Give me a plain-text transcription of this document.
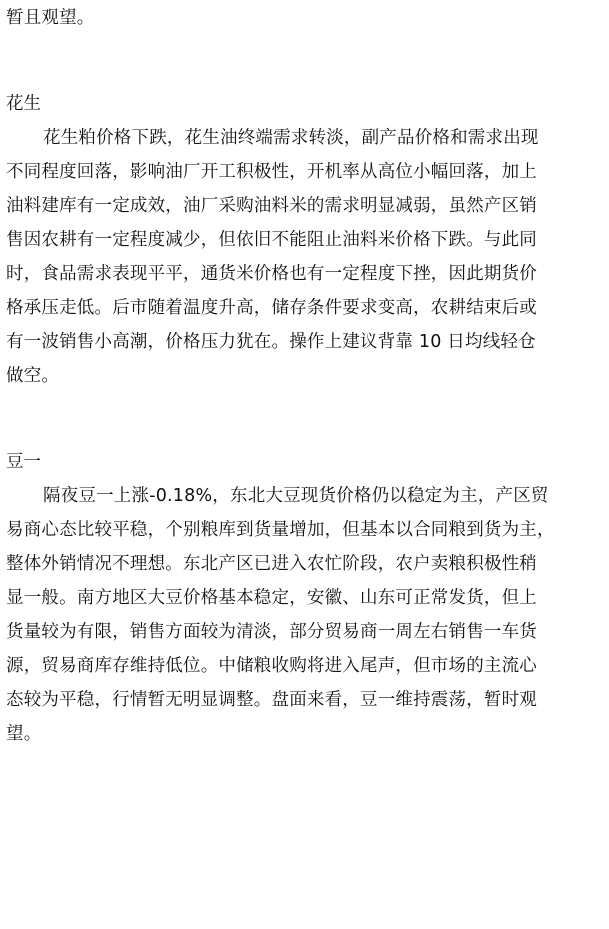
暂且观望。
花生
花生粕价格下跌，花生油终端需求转淡，副产品价格和需求出现
不同程度回落，影响油厂开工积极性，开机率从高位小幅回落，加上
油料建库有一定成效，油厂采购油料米的需求明显减弱，虽然产区销
售因农耕有一定程度减少，但依旧不能阻止油料米价格下跌。与此同
时，食品需求表现平平，通货米价格也有一定程度下挫，因此期货价
格承压走低。后市随着温度升高，储存条件要求变高，农耕结束后或
有一波销售小高潮，价格压力犹在。操作上建议背靠 10 日均线轻仓
做空。
豆一
隔夜豆一上涨-0.18%，东北大豆现货价格仍以稳定为主，产区贸
易商心态比较平稳，个别粮库到货量增加，但基本以合同粮到货为主，
整体外销情况不理想。东北产区已进入农忙阶段，农户卖粮积极性稍
显一般。南方地区大豆价格基本稳定，安徽、山东可正常发货，但上
货量较为有限，销售方面较为清淡，部分贸易商一周左右销售一车货
源，贸易商库存维持低位。中储粮收购将进入尾声，但市场的主流心
态较为平稳，行情暂无明显调整。盘面来看，豆一维持震荡，暂时观
望。
